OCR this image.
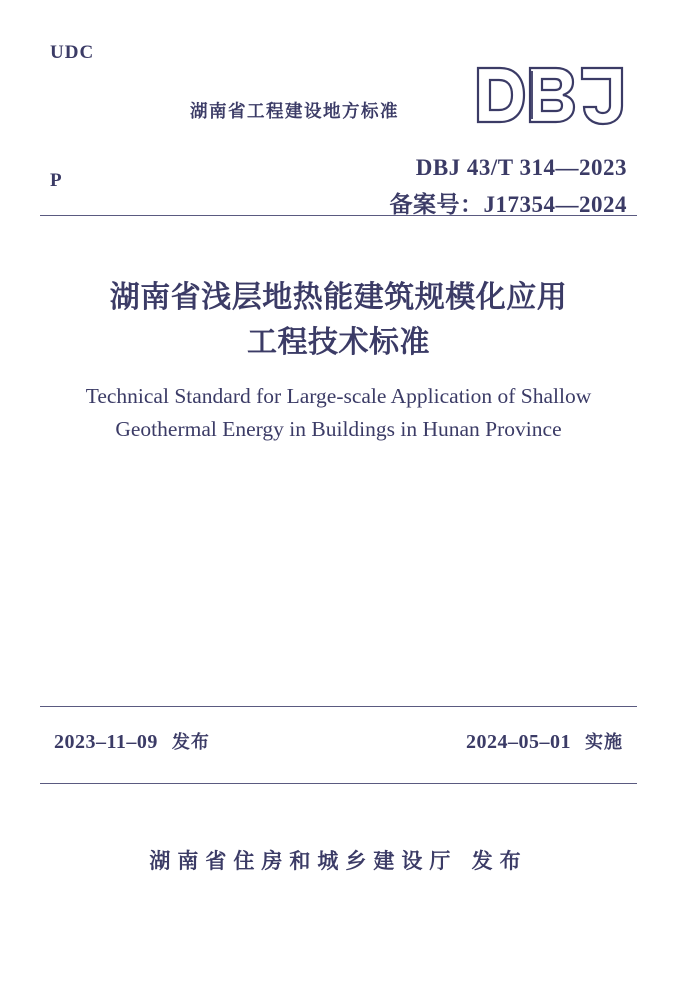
UDC
P
湖南省工程建设地方标准
DBJ 43/T 314—2023
备案号：J17354—2024
湖南省浅层地热能建筑规模化应用
工程技术标准
Technical Standard for Large-scale Application of Shallow
Geothermal Energy in Buildings in Hunan Province
2023–11–09 发布	2024–05–01 实施
湖南省住房和城乡建设厅 发布
